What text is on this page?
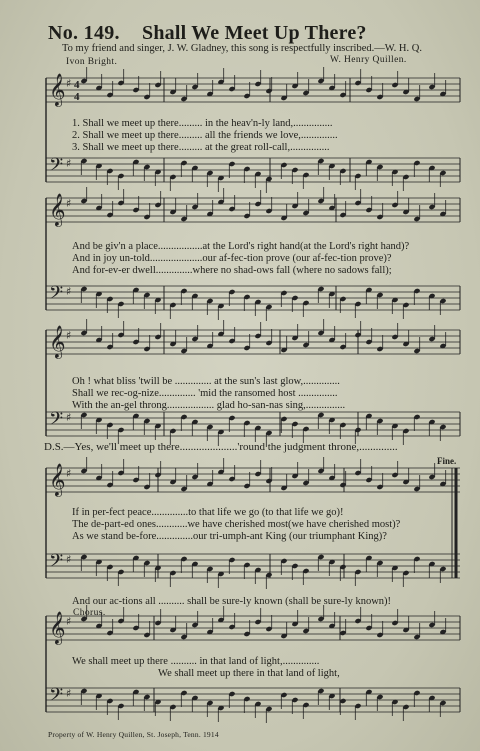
𝄞
𝄢
♯
♯
𝄞
𝄢
♯
♯
𝄞
𝄢
♯
♯
𝄞
𝄢
♯
♯
𝄞
𝄢
♯
♯
4
4
No. 149. Shall We Meet Up There?
To my friend and singer, J. W. Gladney, this song is respectfully inscribed.—W. H. Q.
Ivon Bright.	W. Henry Quillen.
1. Shall we meet up there......... in the heav'n-ly land,...............
2. Shall we meet up there......... all the friends we love,..............
3. Shall we meet up there......... at the great roll-call,...............
And be giv'n a place.................at the Lord's right hand(at the Lord's right hand)?
And in joy un-told....................our af-fec-tion prove (our af-fec-tion prove)?
And for-ev-er dwell..............where no shad-ows fall (where no sadows fall);
Oh ! what bliss 'twill be .............. at the sun's last glow,..............
Shall we rec-og-nize.............. 'mid the ransomed host ...............
With the an-gel throng.................. glad ho-san-nas sing,...............
D.S.—Yes, we'll meet up there.....................'round the judgment throne,..............
Fine.
If in per-fect peace..............to that life we go (to that life we go)!
The de-part-ed ones............we have cherished most(we have cherished most)?
As we stand be-fore..............our tri-umph-ant King (our triumphant King)?
And our ac-tions all .......... shall be sure-ly known (shall be sure-ly known)!
Chorus.
We shall meet up there .......... in that land of light,..............
We shall meet up there in that land of light,
Property of W. Henry Quillen, St. Joseph, Tenn. 1914
